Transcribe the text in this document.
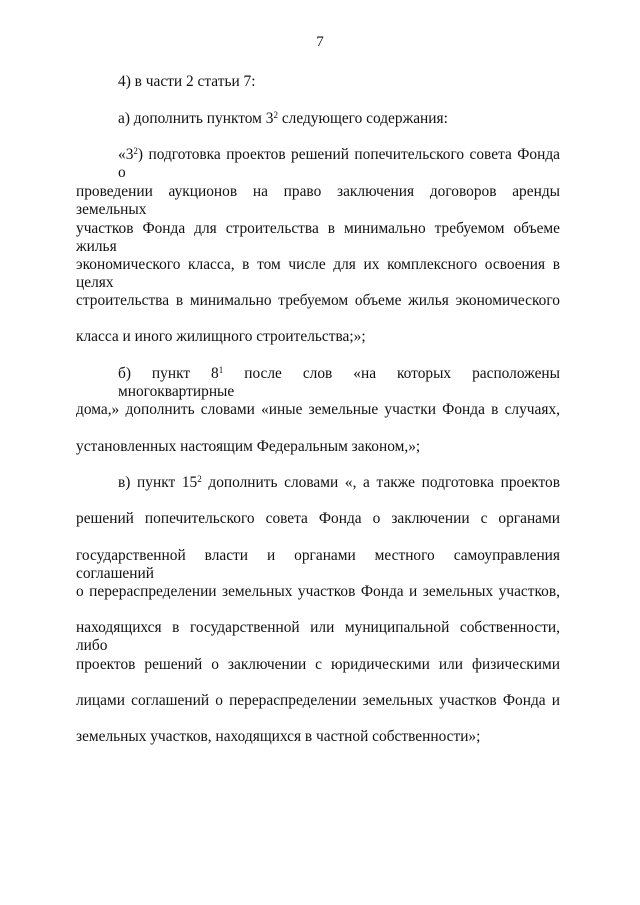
7
4) в части 2 статьи 7:
а) дополнить пунктом $3^2$ следующего содержания:
«$3^2$) подготовка проектов решений попечительского совета Фонда о
проведении аукционов на право заключения договоров аренды земельных
участков Фонда для строительства в минимально требуемом объеме жилья
экономического класса, в том числе для их комплексного освоения в целях
строительства в минимально требуемом объеме жилья экономического
класса и иного жилищного строительства;»;
б) пункт $8^1$ после слов «на которых расположены многоквартирные
дома,» дополнить словами «иные земельные участки Фонда в случаях,
установленных настоящим Федеральным законом,»;
в) пункт $15^2$ дополнить словами «, а также подготовка проектов
решений попечительского совета Фонда о заключении с органами
государственной власти и органами местного самоуправления соглашений
о перераспределении земельных участков Фонда и земельных участков,
находящихся в государственной или муниципальной собственности, либо
проектов решений о заключении с юридическими или физическими
лицами соглашений о перераспределении земельных участков Фонда и
земельных участков, находящихся в частной собственности»;
